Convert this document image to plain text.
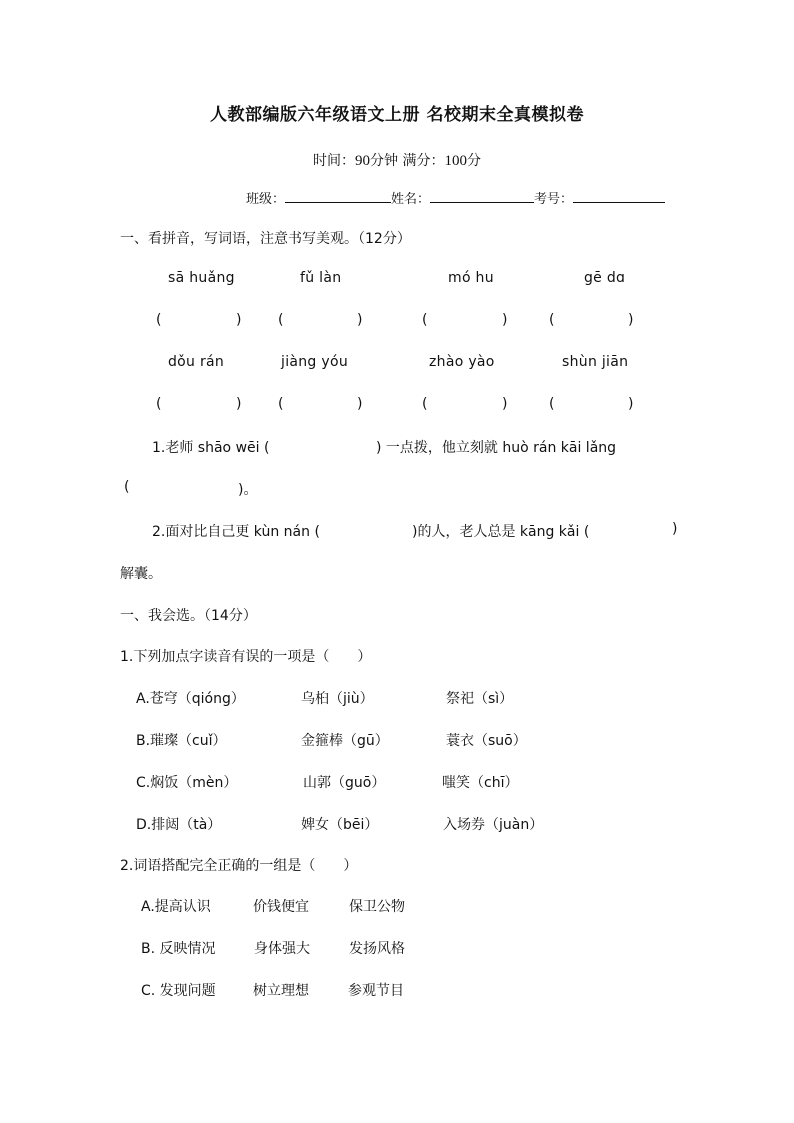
人教部编版六年级语文上册 名校期末全真模拟卷
时间：90分钟 满分：100分
班级：	姓名：	考号：
一、看拼音，写词语，注意书写美观。（12分）
sā huǎng	fǔ làn	mó hu	gē dɑ
(	)	(	)	(	)	(	)
dǒu rán	jiàng yóu	zhào yào	shùn jiān
(	)	(	)	(	)	(	)
1.老师 shāo wēi (	) 一点拨，他立刻就 huò rán kāi lǎng
(	)。
2.面对比自己更 kùn nán (	)的人，老人总是 kāng kǎi (	)
解囊。
一、我会选。（14分）
1.下列加点字读音有误的一项是（　　）
A.苍穹（qióng）	乌桕（jiù）	祭祀（sì）
B.璀璨（cuǐ）	金箍棒（gū）	蓑衣（suō）
C.焖饭（mèn）	山郭（guō）	嗤笑（chī）
D.排闼（tà）	婢女（bēi）	入场券（juàn）
2.词语搭配完全正确的一组是（　　）
A.提高认识	价钱便宜	保卫公物
B. 反映情况	身体强大	发扬风格
C. 发现问题	树立理想	参观节目
